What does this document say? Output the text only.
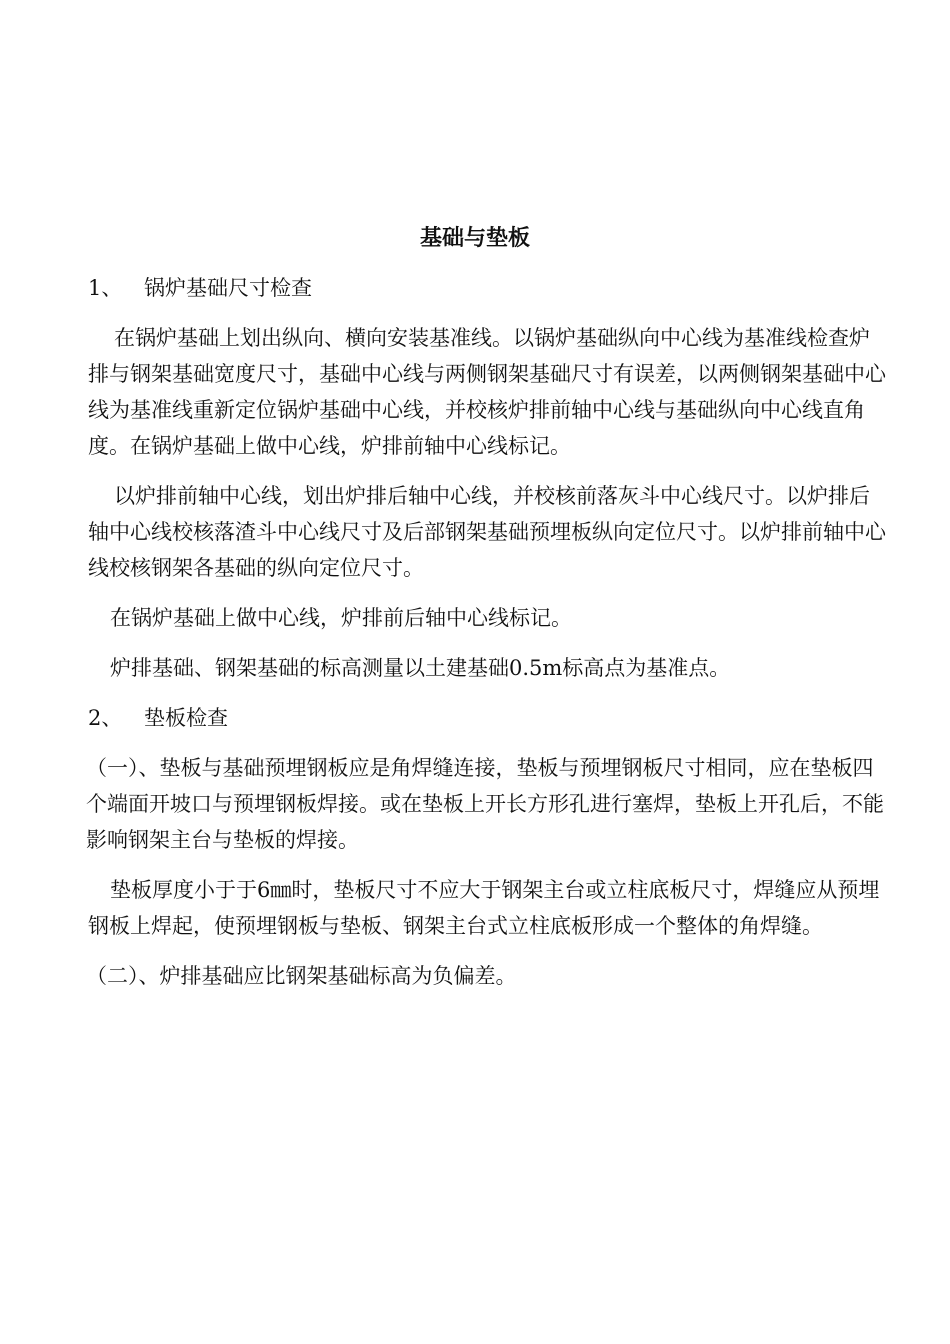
基础与垫板
1、	锅炉基础尺寸检查

在锅炉基础上划出纵向、横向安装基准线。以锅炉基础纵向中心线为基准线检查炉排与钢架基础宽度尺寸，基础中心线与两侧钢架基础尺寸有误差，以两侧钢架基础中心线为基准线重新定位锅炉基础中心线，并校核炉排前轴中心线与基础纵向中心线直角度。在锅炉基础上做中心线，炉排前轴中心线标记。

以炉排前轴中心线，划出炉排后轴中心线，并校核前落灰斗中心线尺寸。以炉排后轴中心线校核落渣斗中心线尺寸及后部钢架基础预埋板纵向定位尺寸。以炉排前轴中心线校核钢架各基础的纵向定位尺寸。

在锅炉基础上做中心线，炉排前后轴中心线标记。

炉排基础、钢架基础的标高测量以土建基础0.5m标高点为基准点。

2、	垫板检查

（一）、垫板与基础预埋钢板应是角焊缝连接，垫板与预埋钢板尺寸相同，应在垫板四个端面开坡口与预埋钢板焊接。或在垫板上开长方形孔进行塞焊，垫板上开孔后，不能影响钢架主台与垫板的焊接。

垫板厚度小于于6㎜时，垫板尺寸不应大于钢架主台或立柱底板尺寸，焊缝应从预埋钢板上焊起，使预埋钢板与垫板、钢架主台式立柱底板形成一个整体的角焊缝。

（二）、炉排基础应比钢架基础标高为负偏差。
